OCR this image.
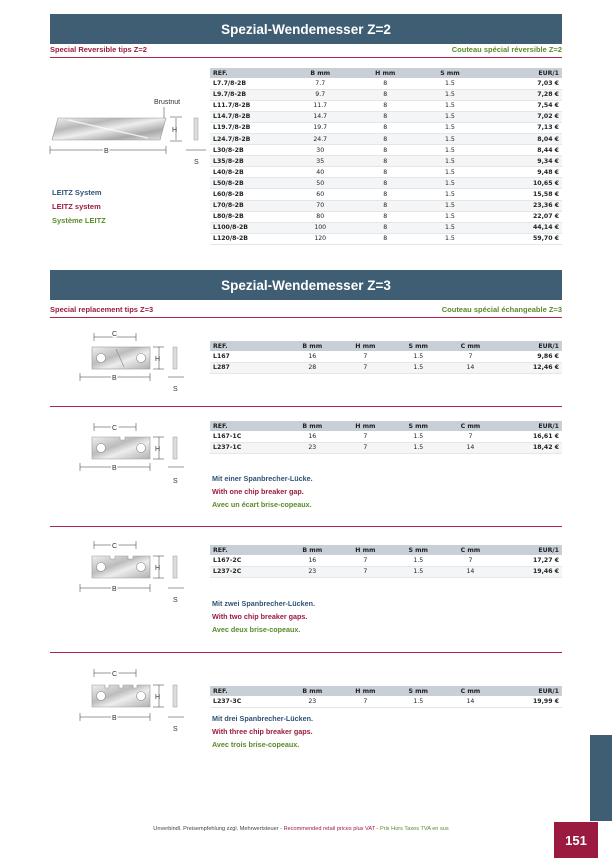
Spezial-Wendemesser Z=2
Special Reversible tips Z=2	Couteau spécial réversible Z=2
Brustnut
H
B
S
LEITZ System
LEITZ system
Système LEITZ
REF.	B mm	H mm	S mm	EUR/1
L7.7/8-2B	7.7	8	1.5	7,03 €
L9.7/8-2B	9.7	8	1.5	7,28 €
L11.7/8-2B	11.7	8	1.5	7,54 €
L14.7/8-2B	14.7	8	1.5	7,02 €
L19.7/8-2B	19.7	8	1.5	7,13 €
L24.7/8-2B	24.7	8	1.5	8,04 €
L30/8-2B	30	8	1.5	8,44 €
L35/8-2B	35	8	1.5	9,34 €
L40/8-2B	40	8	1.5	9,48 €
L50/8-2B	50	8	1.5	10,65 €
L60/8-2B	60	8	1.5	15,58 €
L70/8-2B	70	8	1.5	23,36 €
L80/8-2B	80	8	1.5	22,07 €
L100/8-2B	100	8	1.5	44,14 €
L120/8-2B	120	8	1.5	59,70 €
Spezial-Wendemesser Z=3
Special replacement tips Z=3	Couteau spécial échangeable Z=3
C
H
B
S
REF.	B mm	H mm	S mm	C mm	EUR/1
L167	16	7	1.5	7	9,86 €
L287	28	7	1.5	14	12,46 €
C
H
B
S
REF.	B mm	H mm	S mm	C mm	EUR/1
L167-1C	16	7	1.5	7	16,61 €
L237-1C	23	7	1.5	14	18,42 €
Mit einer Spanbrecher-Lücke.
With one chip breaker gap.
Avec un écart brise-copeaux.
C
H
B
S
REF.	B mm	H mm	S mm	C mm	EUR/1
L167-2C	16	7	1.5	7	17,27 €
L237-2C	23	7	1.5	14	19,46 €
Mit zwei Spanbrecher-Lücken.
With two chip breaker gaps.
Avec deux brise-copeaux.
C
H
B
S
REF.	B mm	H mm	S mm	C mm	EUR/1
L237-3C	23	7	1.5	14	19,99 €
Mit drei Spanbrecher-Lücken.
With three chip breaker gaps.
Avec trois brise-copeaux.
Unverbindl. Preisempfehlung zzgl. Mehrwertsteuer - Recommended retail prices plus VAT - Prix Hors Taxes TVA en sus
151
